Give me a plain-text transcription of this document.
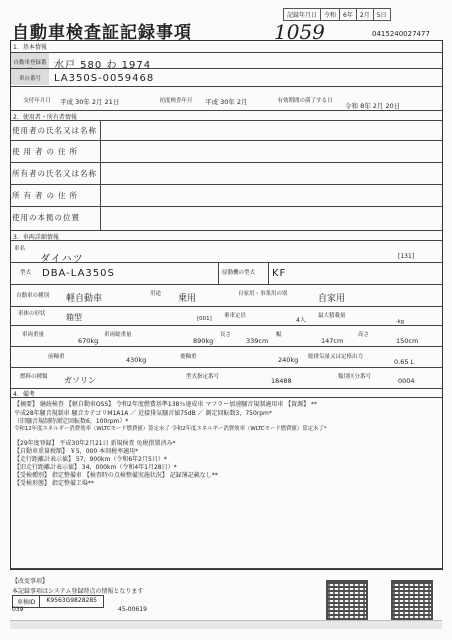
自動車検査証記録事項
記録年月日	令和	6年	2月	5日
1059	0415240027477
1．基本情報
自動車登録番 水戸 580 わ 1974
車台番号	LA350S-0059468
交付年月日	平成 30年 2月 21日	初度検査年月	平成 30年 2月	有効期間の満了する日
令和 8年 2月 20日
2．使用者・所有者情報
使用者の氏名又は名称
使用者の住所
所有者の氏名又は名称
所有者の住所
使用の本拠の位置
3．車両詳細情報
車名
ダイハツ	[131]
型式 DBA-LA350S	原動機の型式 KF
自動車の種別 軽自動車	用途 乗用	自家用・事業用の別	自家用
車体の形状	箱型	[001] 乗車定員
4人
最大積載量
-kg
車両重量
670kg
車両総重量
890kg
長さ
339cm
幅
147cm
高さ
150cm
前軸重	430kg	後軸重	240kg 総排気量又は定格出力
0.65 L
燃料の種類 ガソリン	型式指定番号	18488	類別区分番号	0004
4．備考
【摘要】 継続検査 【軽自動車OSS】 令和2年度燃費基準138％達成車 マフラー加速騒音規制適用車 【資源】 **
平成28年騒音規制車 騒音カテゴリM1A1A ／ 近接排気騒音値75dB ／ 測定回転数3，750rpm*
（旧騒音規制時測定回転数6，100rpm）*
令和12年度エネルギー消費効率（WLTCモード燃費値）算定未了 令和2年度エネルギー消費効率（WLTCモード燃費値）算定未了*
【29年度登録】 平成30年2月21日 新規検査 免税措置済み*
【自動車重量税額】 ￥5，000 本則税率適用*
【走行距離計表示値】 57，900km（令和6年2月5日）*
【旧走行距離計表示値】 34，000km（令和4年1月28日）*
【受検種別】 指定整備車 【検査時の点検整備実施状況】 記録簿記載なし**
【受検形態】 指定整備工場**
【改変事項】
本記録事項はシステム登録時点の情報となります
車検ID	K9563G9828285
039	45-00619
